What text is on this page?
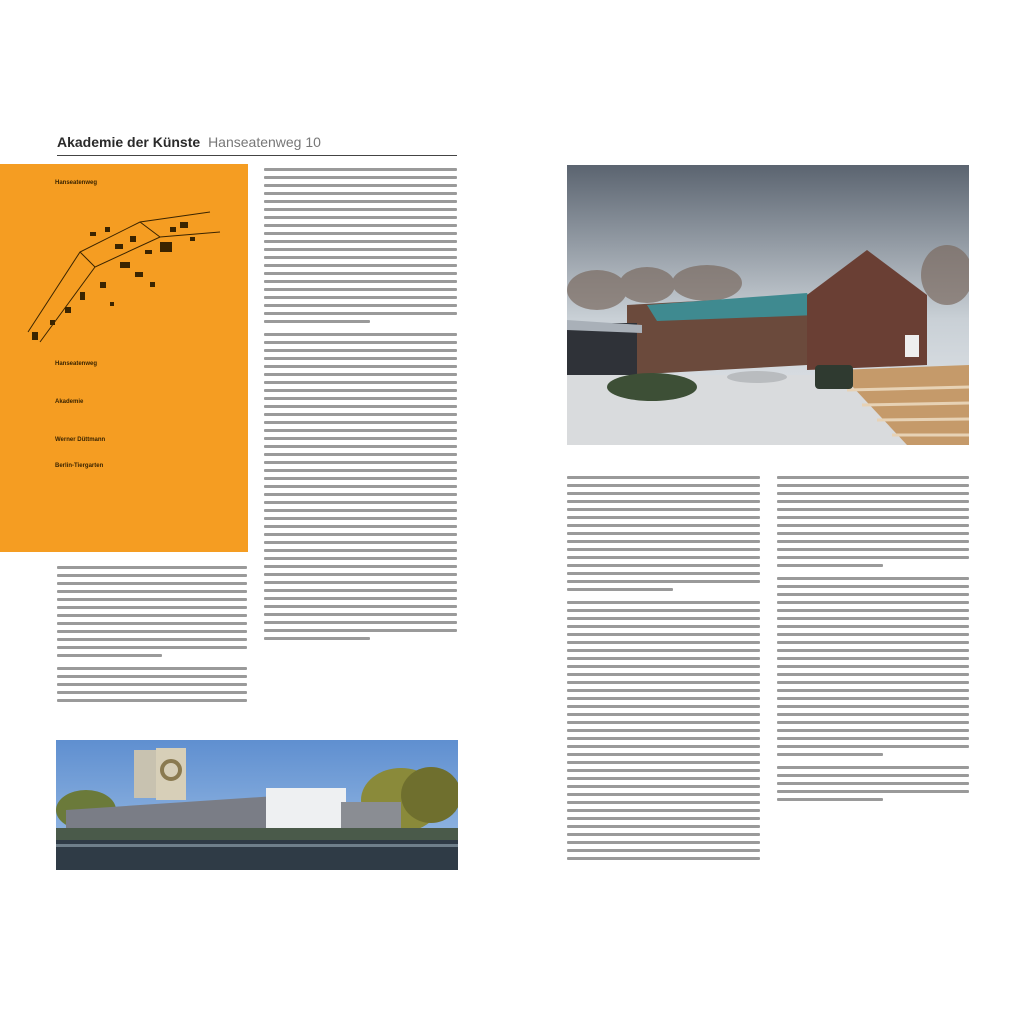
Akademie der Künste Hanseatenweg 10
Hanseatenweg
Hanseatenweg
Akademie
Werner Düttmann
Berlin-Tiergarten
